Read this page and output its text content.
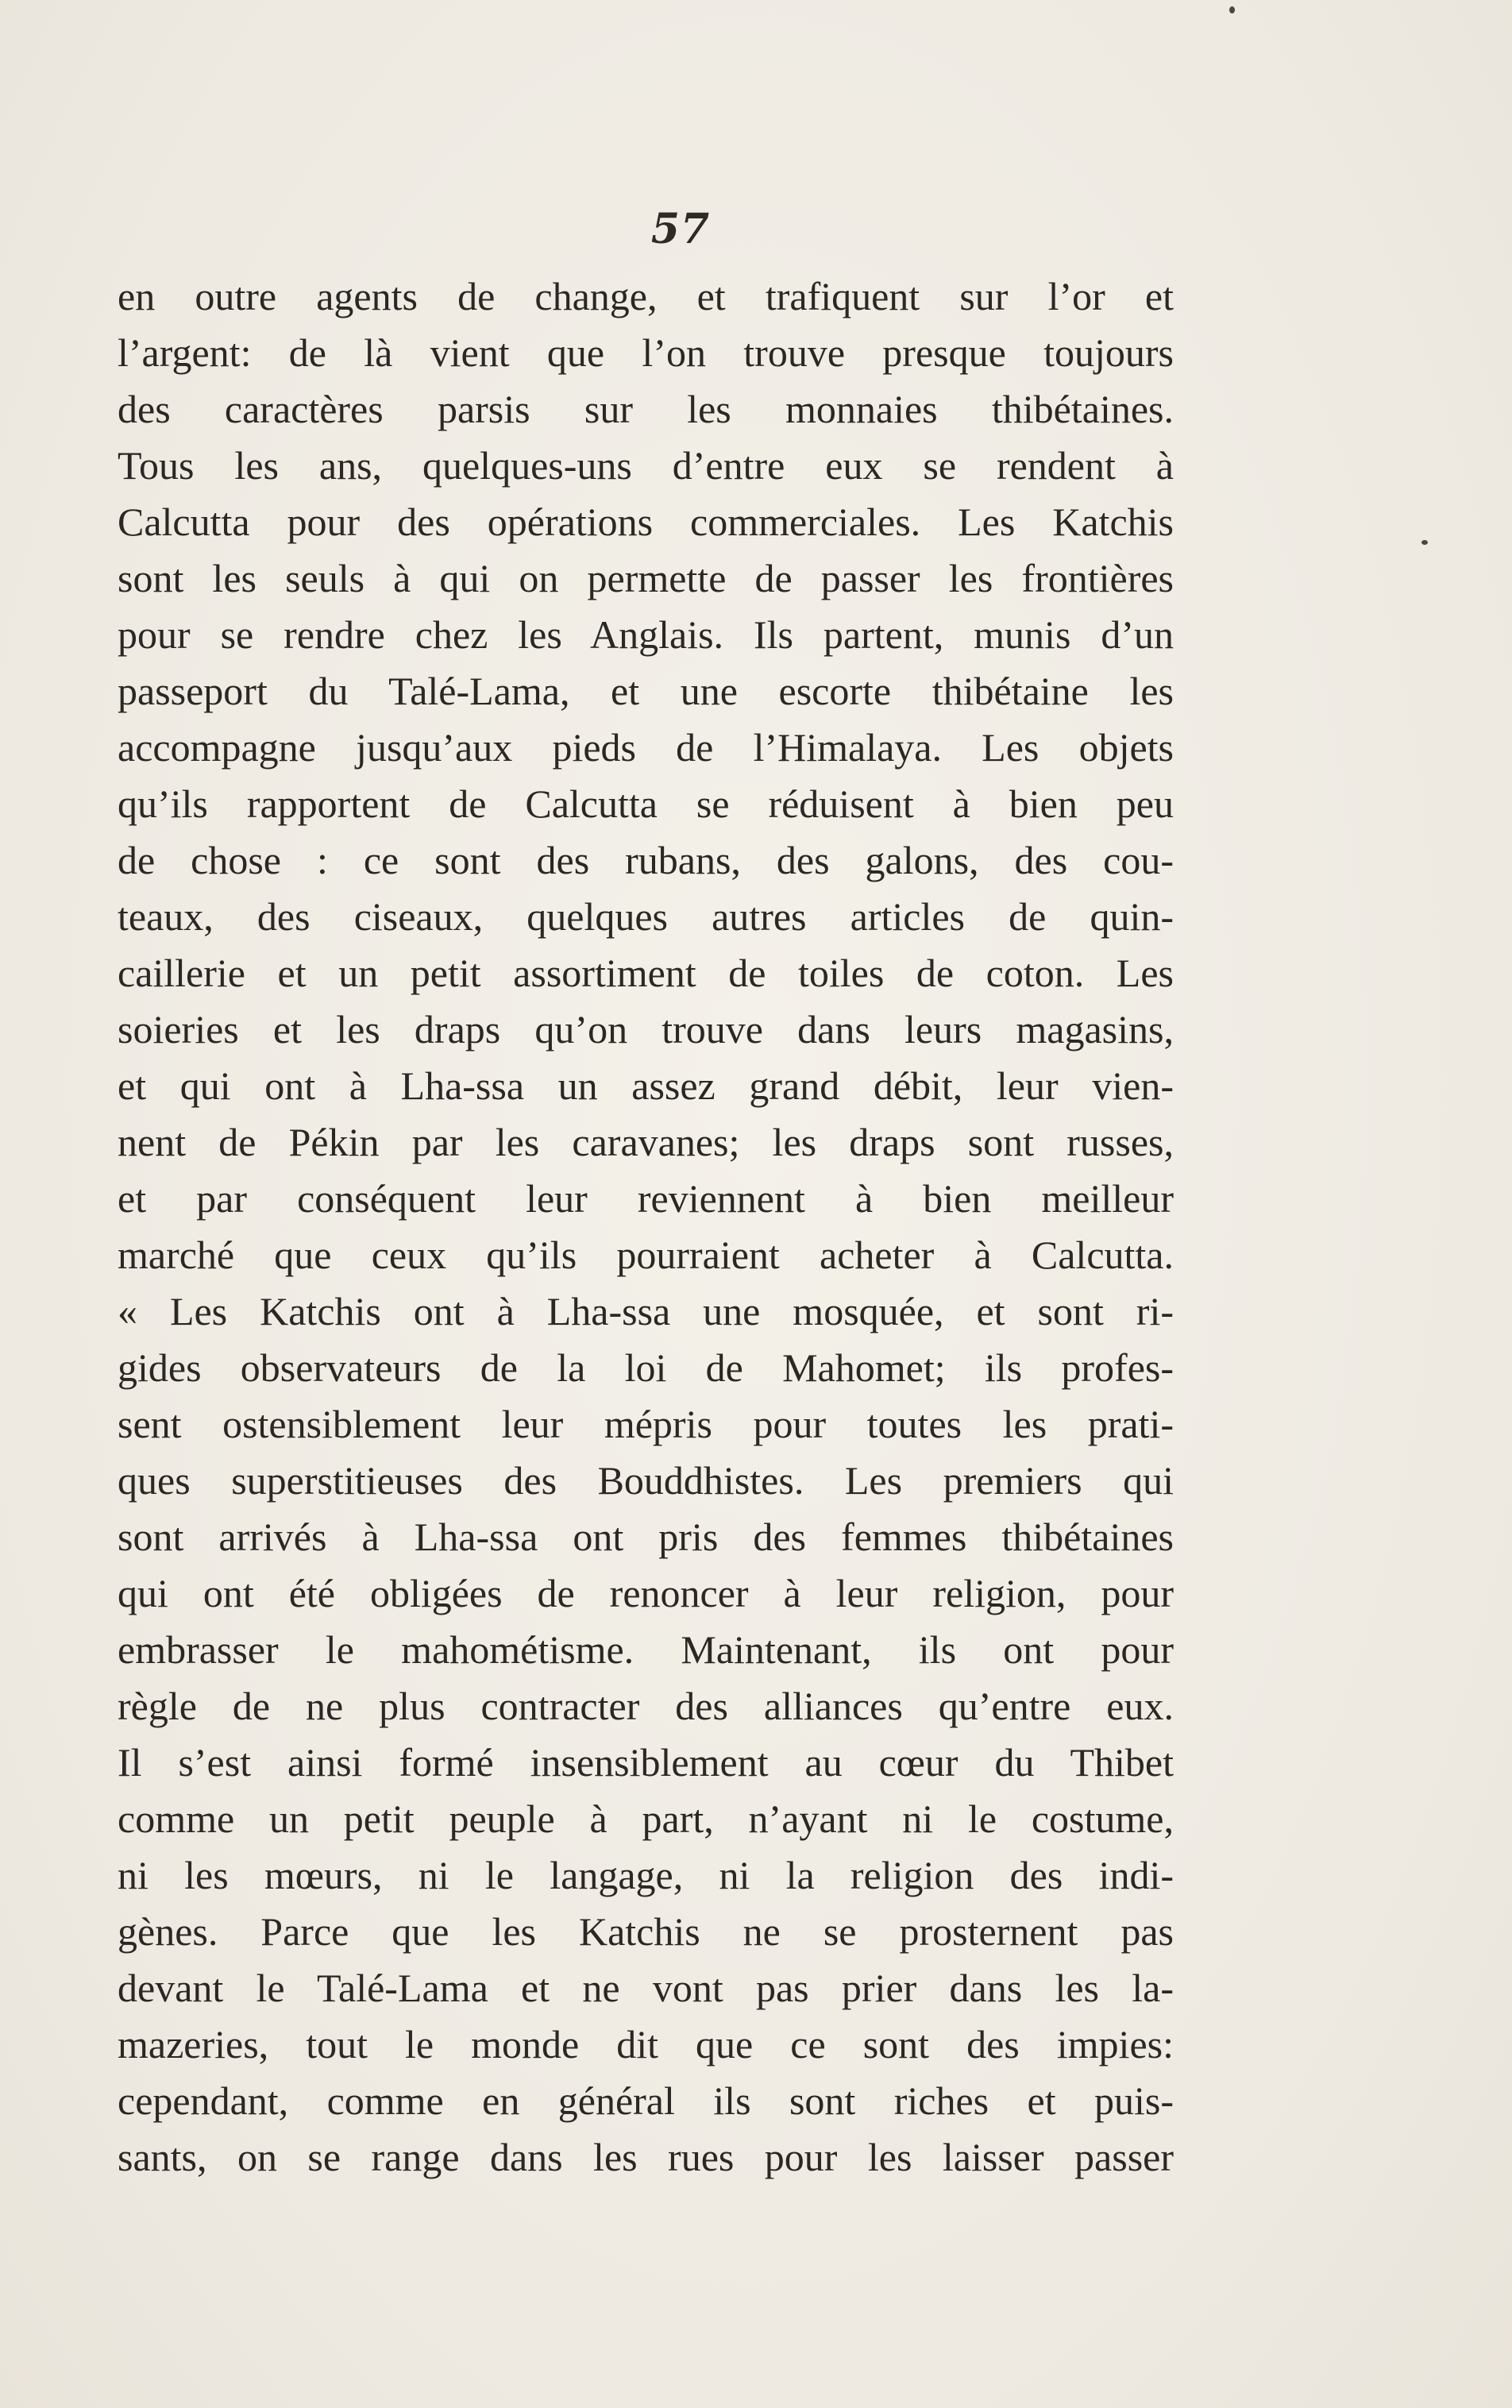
57
en outre agents de change, et trafiquent sur l’or et
l’argent: de là vient que l’on trouve presque toujours
des caractères parsis sur les monnaies thibétaines.
Tous les ans, quelques-uns d’entre eux se rendent à
Calcutta pour des opérations commerciales. Les Katchis
sont les seuls à qui on permette de passer les frontières
pour se rendre chez les Anglais. Ils partent, munis d’un
passeport du Talé-Lama, et une escorte thibétaine les
accompagne jusqu’aux pieds de l’Himalaya. Les objets
qu’ils rapportent de Calcutta se réduisent à bien peu
de chose : ce sont des rubans, des galons, des cou-
teaux, des ciseaux, quelques autres articles de quin-
caillerie et un petit assortiment de toiles de coton. Les
soieries et les draps qu’on trouve dans leurs magasins,
et qui ont à Lha-ssa un assez grand débit, leur vien-
nent de Pékin par les caravanes; les draps sont russes,
et par conséquent leur reviennent à bien meilleur
marché que ceux qu’ils pourraient acheter à Calcutta.
« Les Katchis ont à Lha-ssa une mosquée, et sont ri-
gides observateurs de la loi de Mahomet; ils profes-
sent ostensiblement leur mépris pour toutes les prati-
ques superstitieuses des Bouddhistes. Les premiers qui
sont arrivés à Lha-ssa ont pris des femmes thibétaines
qui ont été obligées de renoncer à leur religion, pour
embrasser le mahométisme. Maintenant, ils ont pour
règle de ne plus contracter des alliances qu’entre eux.
Il s’est ainsi formé insensiblement au cœur du Thibet
comme un petit peuple à part, n’ayant ni le costume,
ni les mœurs, ni le langage, ni la religion des indi-
gènes. Parce que les Katchis ne se prosternent pas
devant le Talé-Lama et ne vont pas prier dans les la-
mazeries, tout le monde dit que ce sont des impies:
cependant, comme en général ils sont riches et puis-
sants, on se range dans les rues pour les laisser passer
